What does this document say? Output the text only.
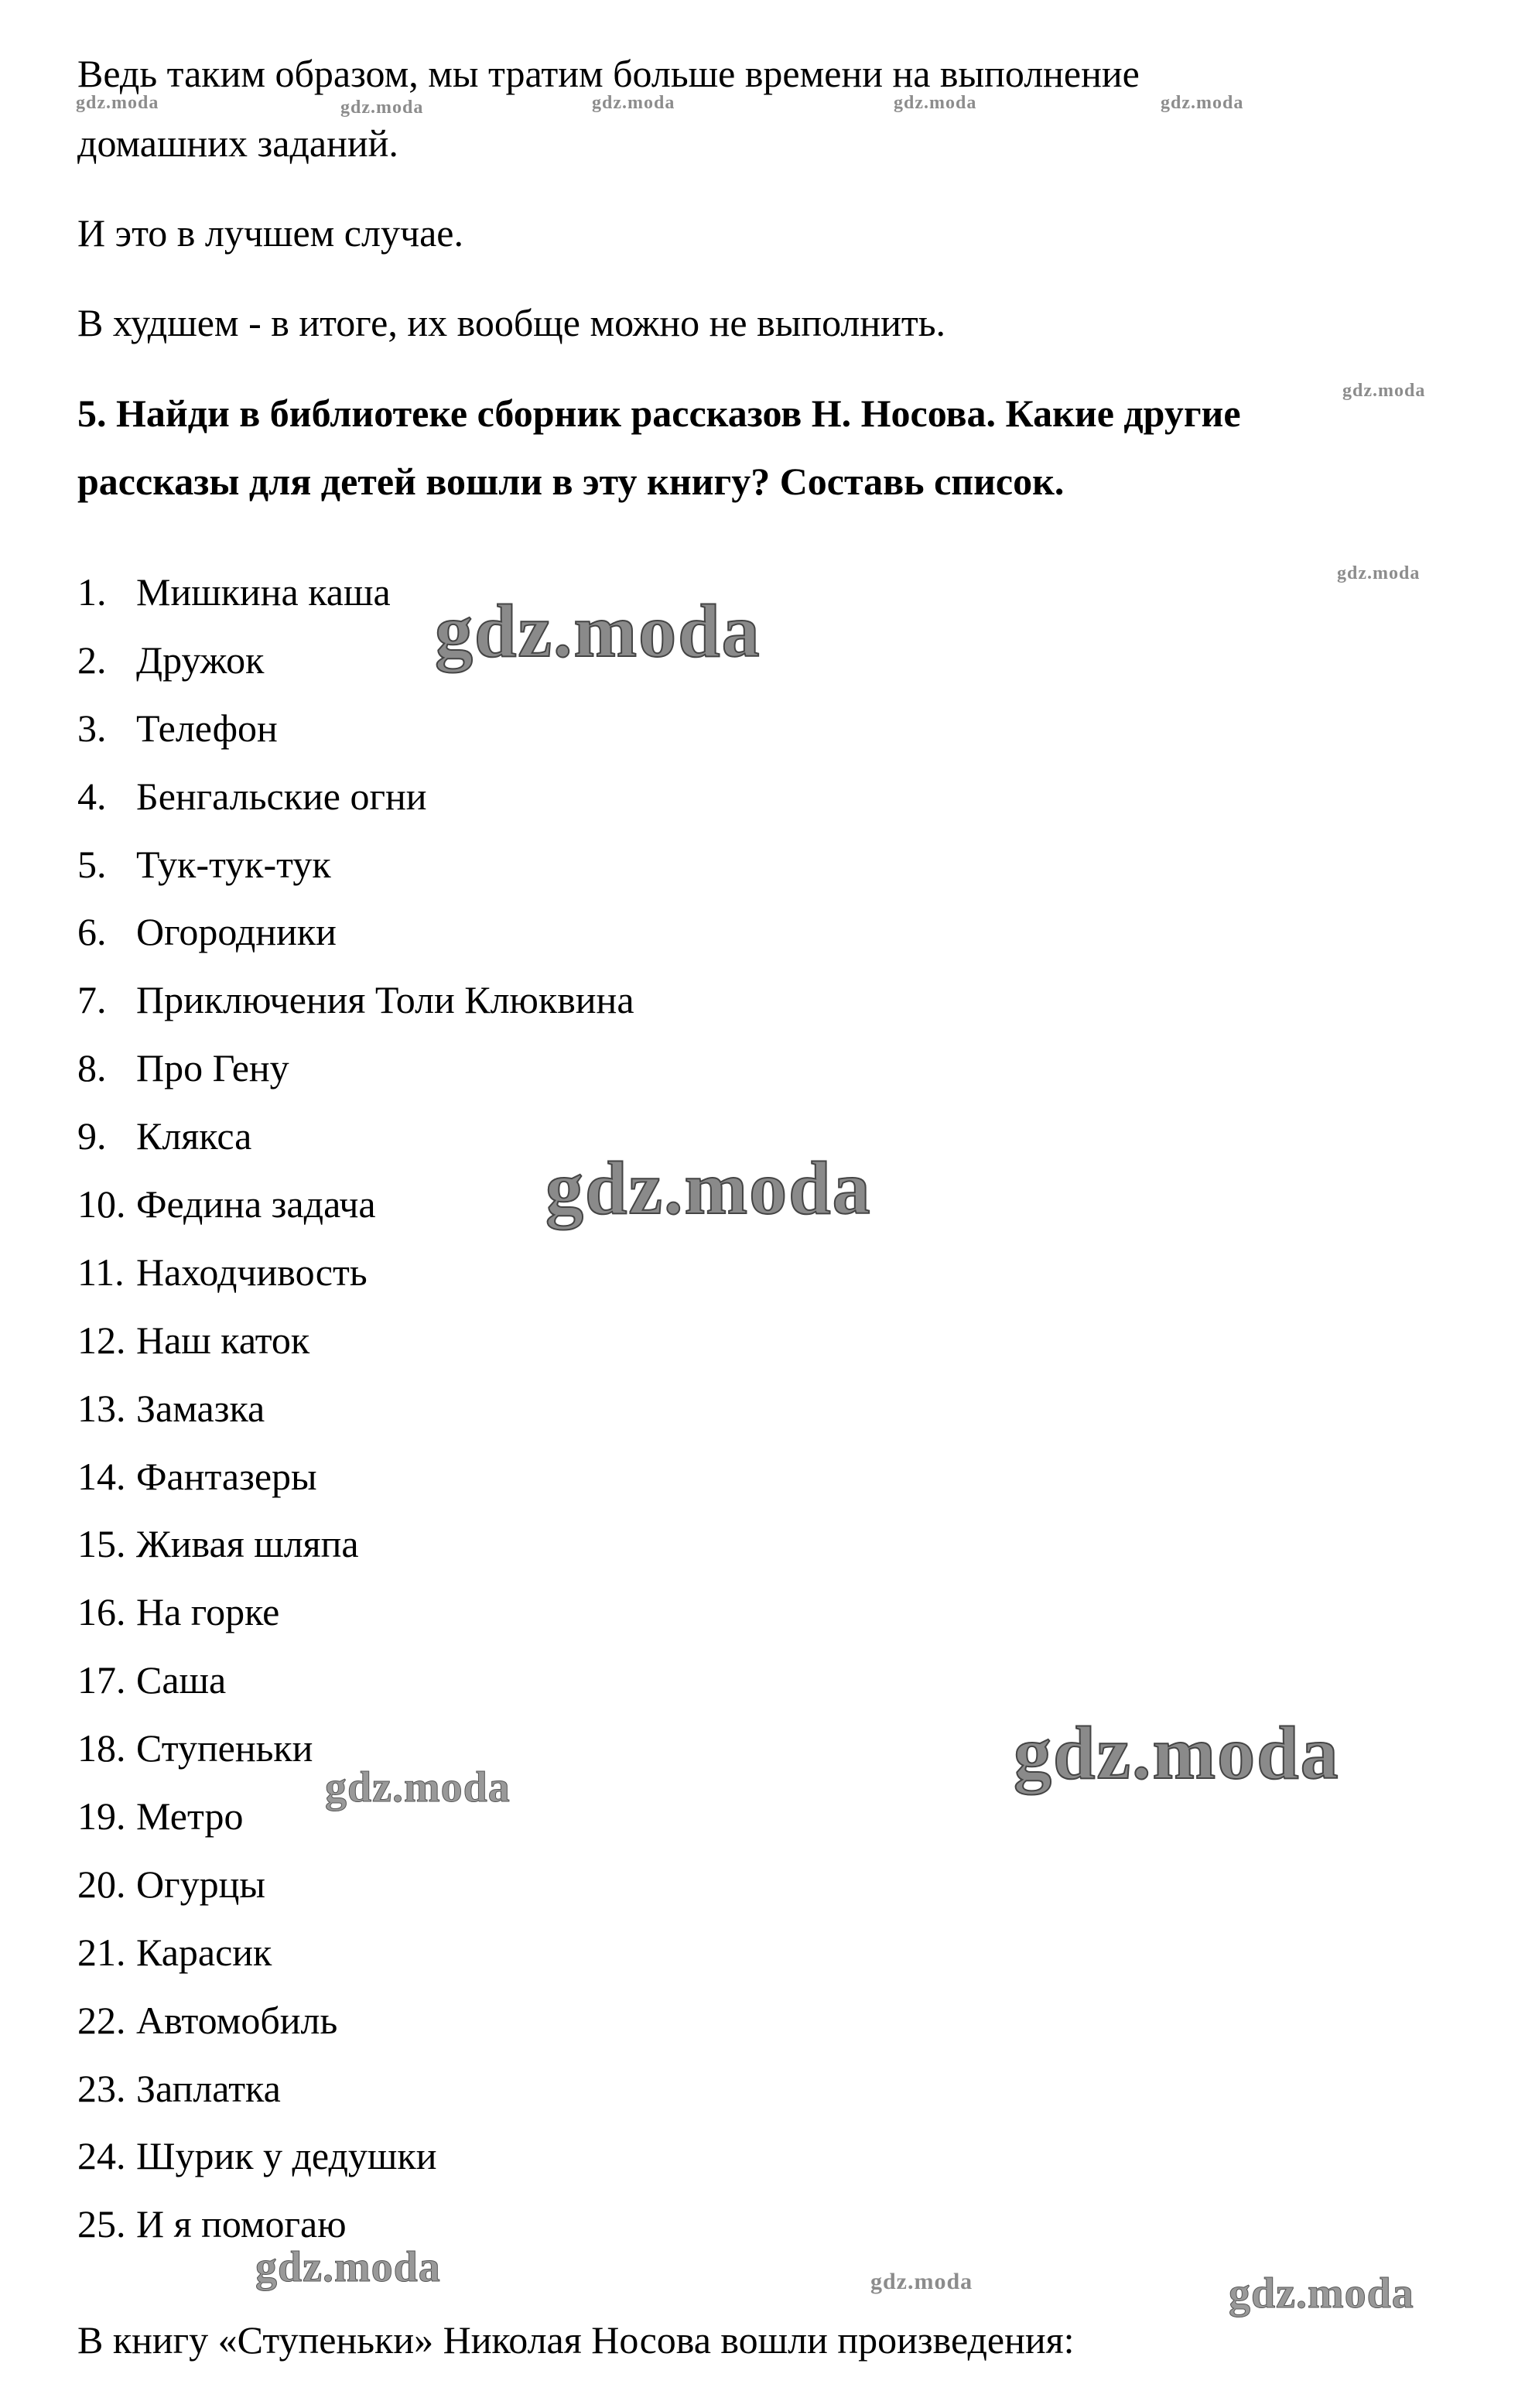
Ведь таким образом, мы тратим больше времени на выполнение

домашних заданий.

И это в лучшем случае.

В худшем - в итоге, их вообще можно не выполнить.

5. Найди в библиотеке сборник рассказов Н. Носова. Какие другие

рассказы для детей вошли в эту книгу? Составь список.

1. Мишкина каша
2. Дружок
3. Телефон
4. Бенгальские огни
5. Тук-тук-тук
6. Огородники
7. Приключения Толи Клюквина
8. Про Гену
9. Клякса
10. Федина задача
11. Находчивость
12. Наш каток
13. Замазка
14. Фантазеры
15. Живая шляпа
16. На горке
17. Саша
18. Ступеньки
19. Метро
20. Огурцы
21. Карасик
22. Автомобиль
23. Заплатка
24. Шурик у дедушки
25. И я помогаю

В книгу «Ступеньки» Николая Носова вошли произведения:

gdz.moda	gdz.moda	gdz.moda	gdz.moda	gdz.moda
gdz.moda
gdz.moda
gdz.moda
gdz.moda
gdz.moda
gdz.moda
gdz.moda	gdz.moda	gdz.moda
